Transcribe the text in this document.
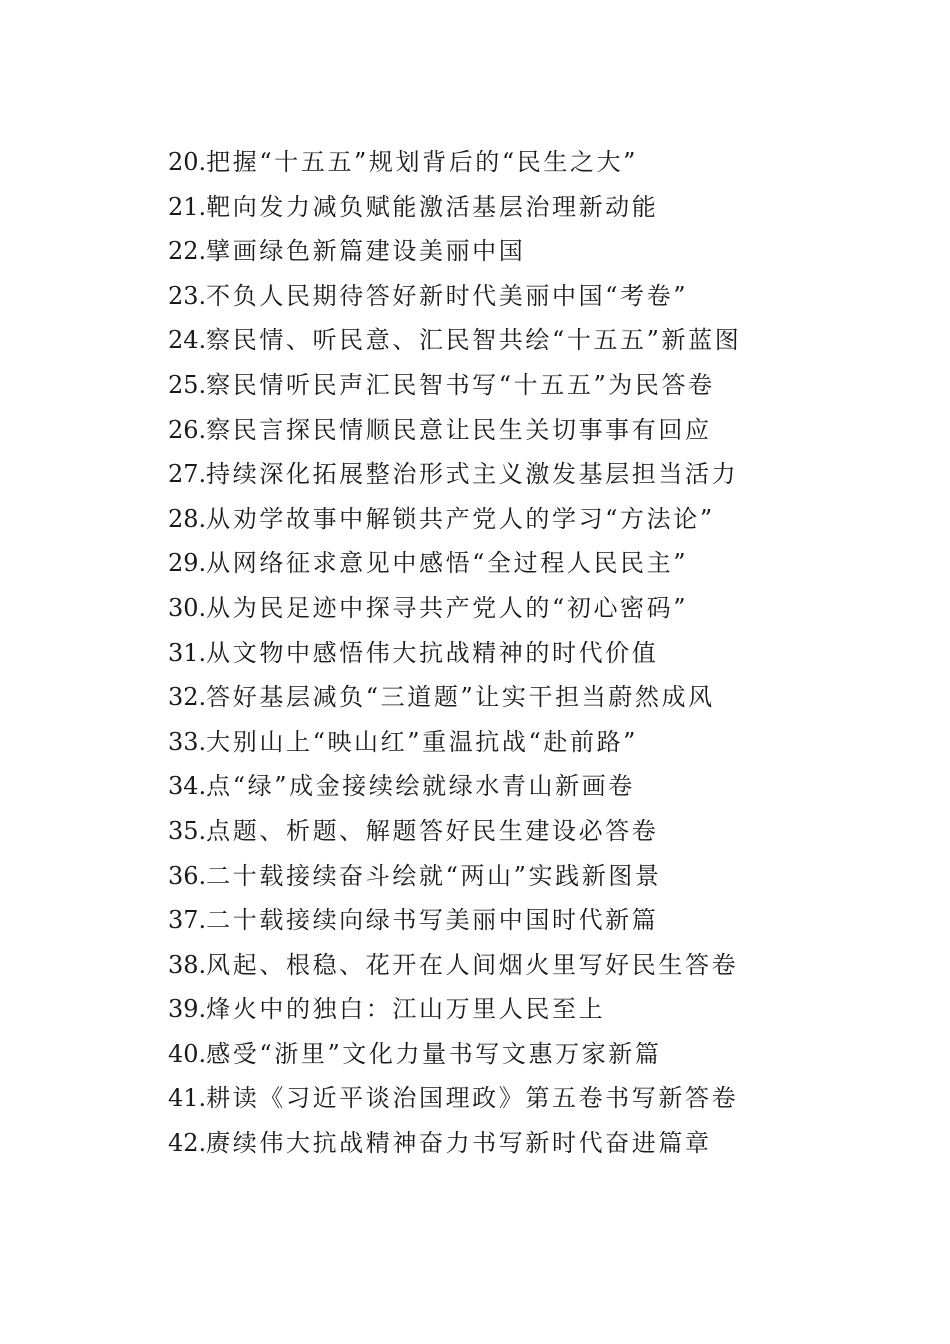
20.把握“十五五”规划背后的“民生之大”
21.靶向发力减负赋能激活基层治理新动能
22.擘画绿色新篇建设美丽中国
23.不负人民期待答好新时代美丽中国“考卷”
24.察民情、听民意、汇民智共绘“十五五”新蓝图
25.察民情听民声汇民智书写“十五五”为民答卷
26.察民言探民情顺民意让民生关切事事有回应
27.持续深化拓展整治形式主义激发基层担当活力
28.从劝学故事中解锁共产党人的学习“方法论”
29.从网络征求意见中感悟“全过程人民民主”
30.从为民足迹中探寻共产党人的“初心密码”
31.从文物中感悟伟大抗战精神的时代价值
32.答好基层减负“三道题”让实干担当蔚然成风
33.大别山上“映山红”重温抗战“赴前路”
34.点“绿”成金接续绘就绿水青山新画卷
35.点题、析题、解题答好民生建设必答卷
36.二十载接续奋斗绘就“两山”实践新图景
37.二十载接续向绿书写美丽中国时代新篇
38.风起、根稳、花开在人间烟火里写好民生答卷
39.烽火中的独白：江山万里人民至上
40.感受“浙里”文化力量书写文惠万家新篇
41.耕读《习近平谈治国理政》第五卷书写新答卷
42.赓续伟大抗战精神奋力书写新时代奋进篇章
